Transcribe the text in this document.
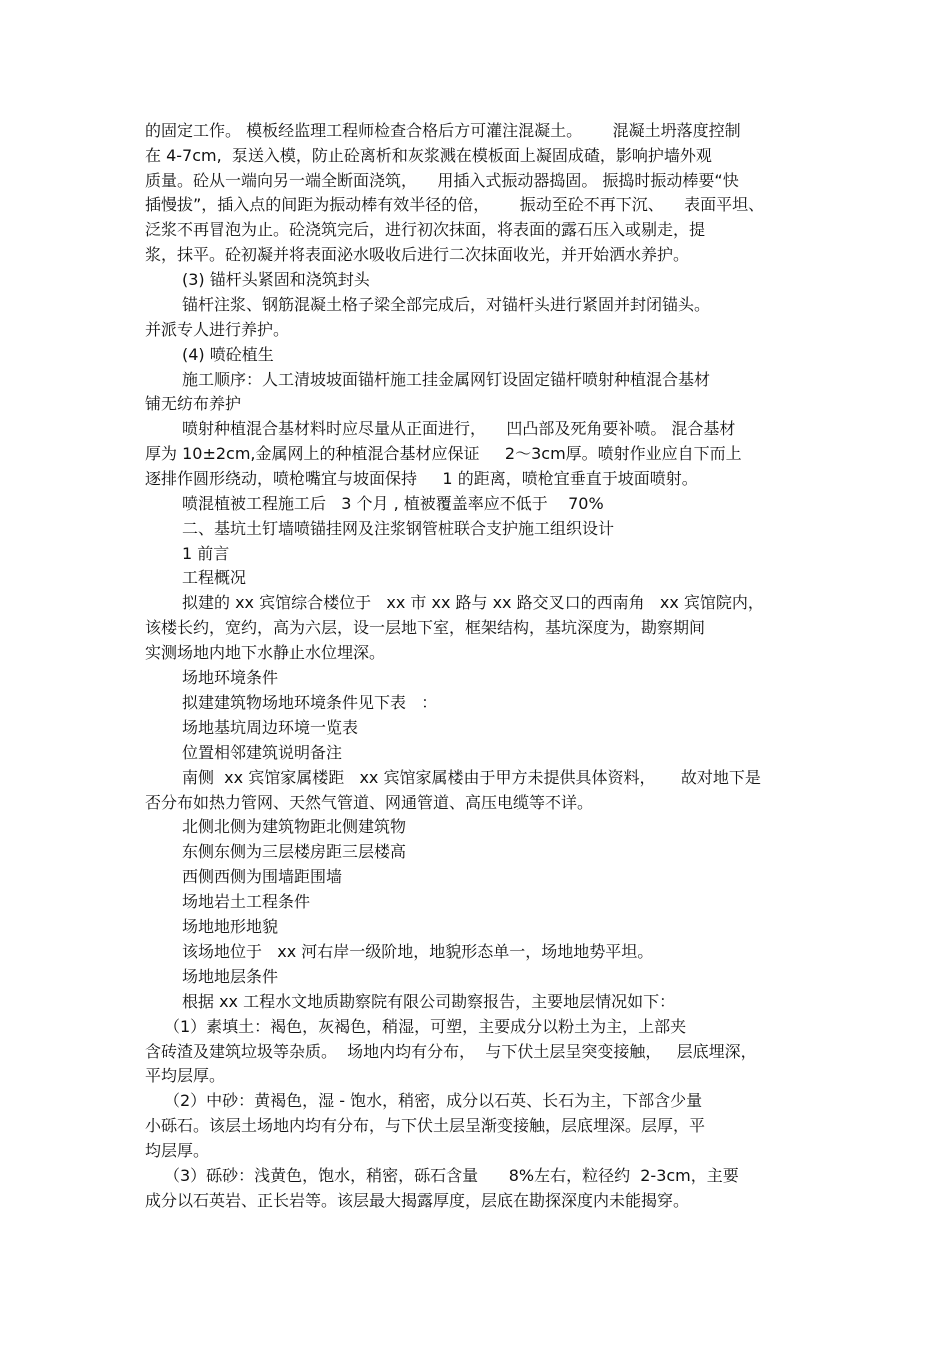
的固定工作。 模板经监理工程师检查合格后方可灌注混凝土。      混凝土坍落度控制
在 4-7cm,  泵送入模，防止砼离析和灰浆溅在模板面上凝固成碴，影响护墙外观
质量。砼从一端向另一端全断面浇筑，    用插入式振动器捣固。 振捣时振动棒要“快
插慢拔”，插入点的间距为振动棒有效半径的倍，      振动至砼不再下沉、    表面平坦、
泛浆不再冒泡为止。砼浇筑完后，进行初次抹面，将表面的露石压入或剔走，提
浆，抹平。砼初凝并将表面泌水吸收后进行二次抹面收光，并开始洒水养护。
(3) 锚杆头紧固和浇筑封头
锚杆注浆、钢筋混凝土格子梁全部完成后，对锚杆头进行紧固并封闭锚头。
并派专人进行养护。
(4) 喷砼植生
施工顺序：人工清坡坡面锚杆施工挂金属网钉设固定锚杆喷射种植混合基材
铺无纺布养护
喷射种植混合基材料时应尽量从正面进行，    凹凸部及死角要补喷。 混合基材
厚为 10±2cm,金属网上的种植混合基材应保证     2～3cm厚。喷射作业应自下而上
逐排作圆形绕动，喷枪嘴宜与坡面保持     1 的距离，喷枪宜垂直于坡面喷射。
喷混植被工程施工后   3 个月 , 植被覆盖率应不低于    70%
二、基坑土钉墙喷锚挂网及注浆钢管桩联合支护施工组织设计
1 前言
工程概况
拟建的 xx 宾馆综合楼位于   xx 市 xx 路与 xx 路交叉口的西南角   xx 宾馆院内，
该楼长约，宽约，高为六层，设一层地下室，框架结构，基坑深度为，勘察期间
实测场地内地下水静止水位埋深。
场地环境条件
拟建建筑物场地环境条件见下表   ：
场地基坑周边环境一览表
位置相邻建筑说明备注
南侧  xx 宾馆家属楼距   xx 宾馆家属楼由于甲方未提供具体资料，     故对地下是
否分布如热力管网、天然气管道、网通管道、高压电缆等不详。
北侧北侧为建筑物距北侧建筑物
东侧东侧为三层楼房距三层楼高
西侧西侧为围墙距围墙
场地岩土工程条件
场地地形地貌
该场地位于   xx 河右岸一级阶地，地貌形态单一，场地地势平坦。
场地地层条件
根据 xx 工程水文地质勘察院有限公司勘察报告，主要地层情况如下：
（1）素填土：褐色，灰褐色，稍湿，可塑，主要成分以粉土为主，上部夹
含砖渣及建筑垃圾等杂质。  场地内均有分布，  与下伏土层呈突变接触，   层底埋深，
平均层厚。
（2）中砂：黄褐色，湿 - 饱水，稍密，成分以石英、长石为主，下部含少量
小砾石。该层土场地内均有分布，与下伏土层呈渐变接触，层底埋深。层厚，平
均层厚。
（3）砾砂：浅黄色，饱水，稍密，砾石含量      8%左右，粒径约  2-3cm，主要
成分以石英岩、正长岩等。该层最大揭露厚度，层底在勘探深度内未能揭穿。
